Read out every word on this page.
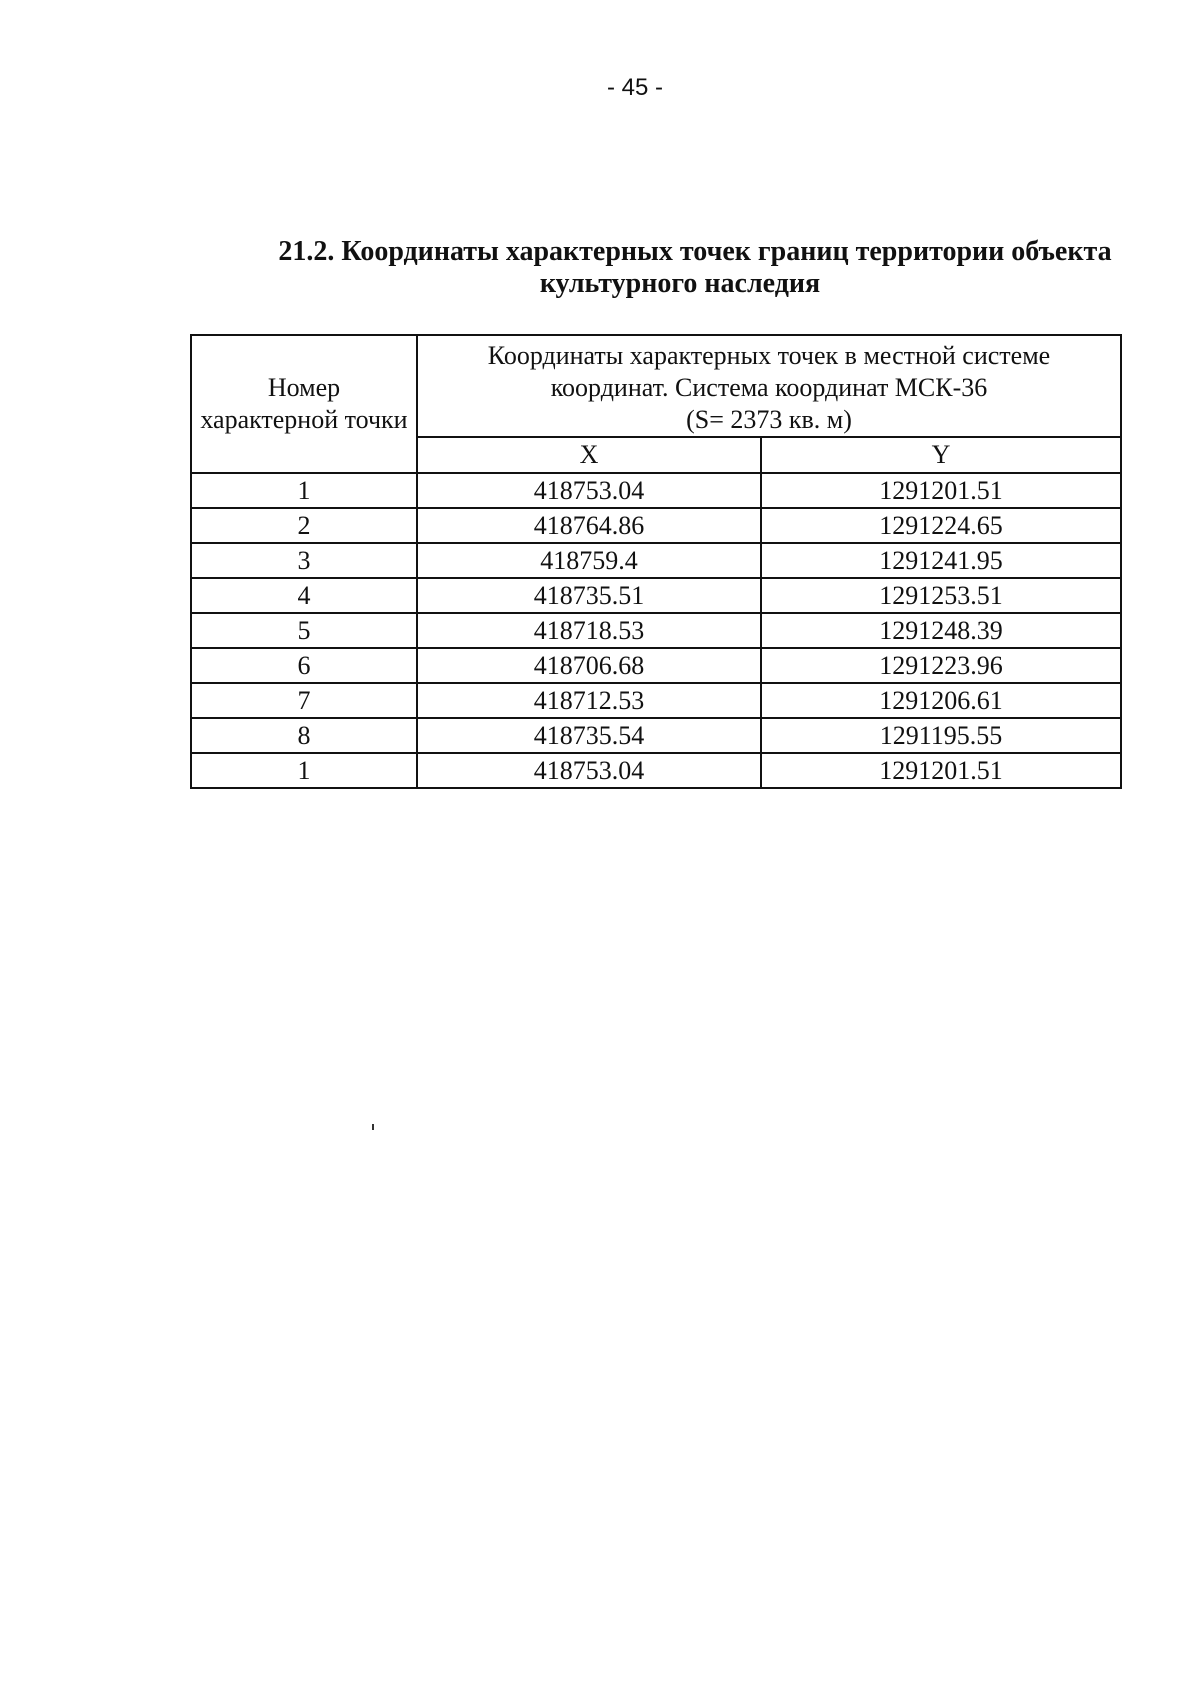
- 45 -
21.2. Координаты характерных точек границ территории объекта
культурного наследия
Номер характерной точки	Координаты характерных точек в местной системе
координат. Система координат МСК-36
(S= 2373 кв. м)	

	X	Y
1	418753.04	1291201.51
2	418764.86	1291224.65
3	418759.4	1291241.95
4	418735.51	1291253.51
5	418718.53	1291248.39
6	418706.68	1291223.96
7	418712.53	1291206.61
8	418735.54	1291195.55
1	418753.04	1291201.51
